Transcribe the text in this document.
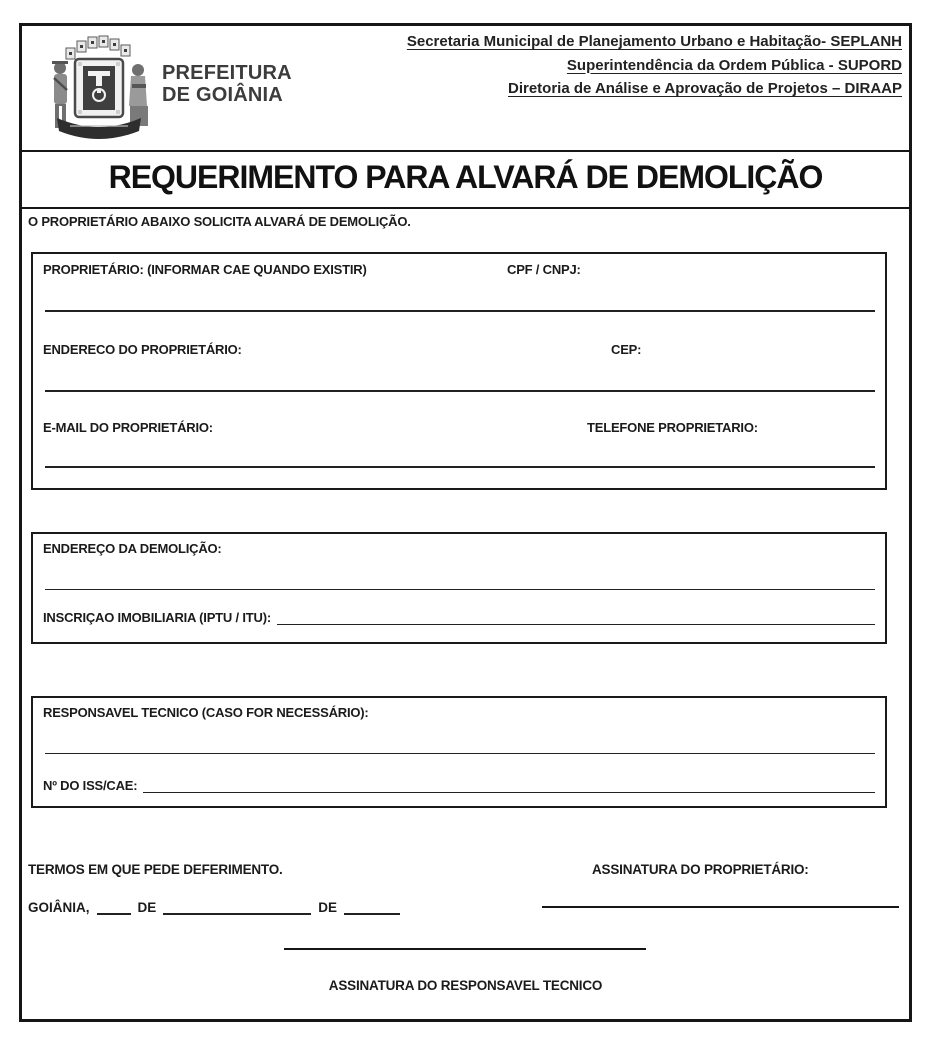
PREFEITURA
DE GOIÂNIA
Secretaria Municipal de Planejamento Urbano e Habitação- SEPLANH
Superintendência da Ordem Pública - SUPORD
Diretoria de Análise e Aprovação de Projetos – DIRAAP
REQUERIMENTO PARA ALVARÁ DE DEMOLIÇÃO
O PROPRIETÁRIO ABAIXO SOLICITA ALVARÁ DE DEMOLIÇÃO.
PROPRIETÁRIO: (INFORMAR CAE QUANDO EXISTIR)	CPF / CNPJ:
ENDERECO DO PROPRIETÁRIO:	CEP:
E-MAIL DO PROPRIETÁRIO:	TELEFONE PROPRIETARIO:
ENDEREÇO DA DEMOLIÇÃO:
INSCRIÇAO IMOBILIARIA (IPTU / ITU):
RESPONSAVEL TECNICO (CASO FOR NECESSÁRIO):
Nº DO ISS/CAE:
TERMOS EM QUE PEDE DEFERIMENTO.	ASSINATURA DO PROPRIETÁRIO:
GOIÂNIA,	DE	DE
ASSINATURA DO RESPONSAVEL TECNICO
